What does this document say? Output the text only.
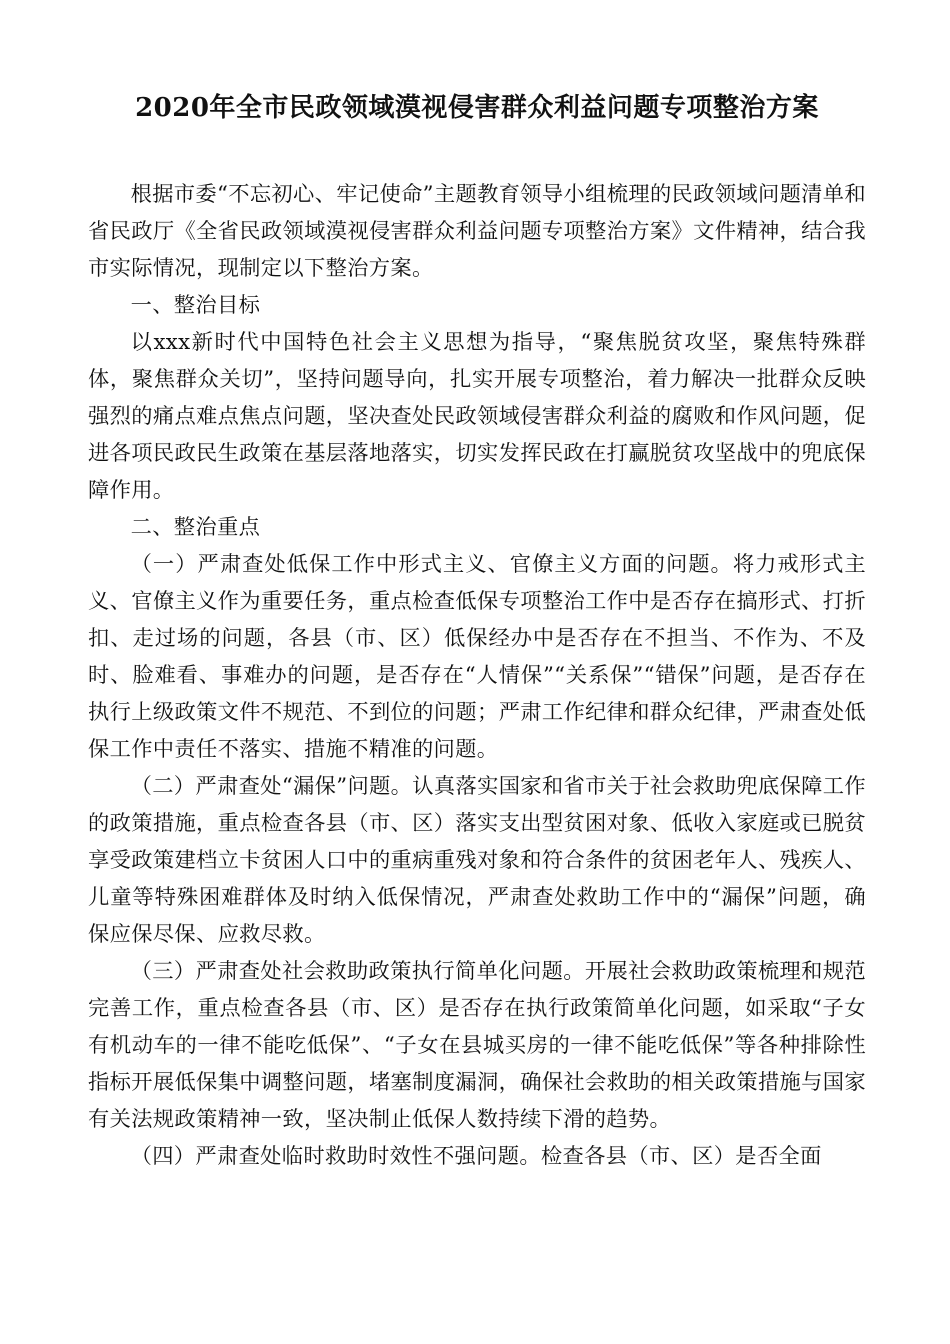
2020年全市民政领域漠视侵害群众利益问题专项整治方案

根据市委“不忘初心、牢记使命”主题教育领导小组梳理的民政领域问题清单和省民政厅《全省民政领域漠视侵害群众利益问题专项整治方案》文件精神，结合我市实际情况，现制定以下整治方案。

一、整治目标

以xxx新时代中国特色社会主义思想为指导，“聚焦脱贫攻坚，聚焦特殊群体，聚焦群众关切”，坚持问题导向，扎实开展专项整治，着力解决一批群众反映强烈的痛点难点焦点问题，坚决查处民政领域侵害群众利益的腐败和作风问题，促进各项民政民生政策在基层落地落实，切实发挥民政在打赢脱贫攻坚战中的兜底保障作用。

二、整治重点

（一）严肃查处低保工作中形式主义、官僚主义方面的问题。将力戒形式主义、官僚主义作为重要任务，重点检查低保专项整治工作中是否存在搞形式、打折扣、走过场的问题，各县（市、区）低保经办中是否存在不担当、不作为、不及时、脸难看、事难办的问题，是否存在“人情保”“关系保”“错保”问题，是否存在执行上级政策文件不规范、不到位的问题；严肃工作纪律和群众纪律，严肃查处低保工作中责任不落实、措施不精准的问题。

（二）严肃查处“漏保”问题。认真落实国家和省市关于社会救助兜底保障工作的政策措施，重点检查各县（市、区）落实支出型贫困对象、低收入家庭或已脱贫享受政策建档立卡贫困人口中的重病重残对象和符合条件的贫困老年人、残疾人、儿童等特殊困难群体及时纳入低保情况，严肃查处救助工作中的“漏保”问题，确保应保尽保、应救尽救。

（三）严肃查处社会救助政策执行简单化问题。开展社会救助政策梳理和规范完善工作，重点检查各县（市、区）是否存在执行政策简单化问题，如采取“子女有机动车的一律不能吃低保”、“子女在县城买房的一律不能吃低保”等各种排除性指标开展低保集中调整问题，堵塞制度漏洞，确保社会救助的相关政策措施与国家有关法规政策精神一致，坚决制止低保人数持续下滑的趋势。

（四）严肃查处临时救助时效性不强问题。检查各县（市、区）是否全面
